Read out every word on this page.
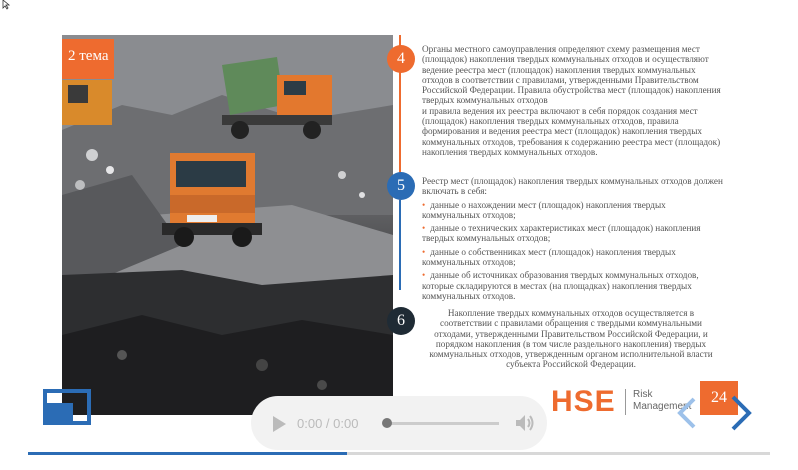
2 тема	4
Органы местного самоуправления определяют схему размещения мест (площадок) накопления твердых коммунальных отходов и осуществляют ведение реестра мест (площадок) накопления твердых коммунальных отходов в соответствии с правилами, утвержденными Правительством Российской Федерации. Правила обустройства мест (площадок) накопления твердых коммунальных отходов
и правила ведения их реестра включают в себя порядок создания мест (площадок) накопления твердых коммунальных отходов, правила формирования и ведения реестра мест (площадок) накопления твердых коммунальных отходов, требования к содержанию реестра мест (площадок) накопления твердых коммунальных отходов.
5	Реестр мест (площадок) накопления твердых коммунальных отходов должен включать в себя:
• данные о нахождении мест (площадок) накопления твердых коммунальных отходов;
• данные о технических характеристиках мест (площадок) накопления твердых коммунальных отходов;
• данные о собственниках мест (площадок) накопления твердых коммунальных отходов;
• данные об источниках образования твердых коммунальных отходов, которые складируются в местах (на площадках) накопления твердых коммунальных отходов.
6	Накопление твердых коммунальных отходов осуществляется в соответствии с правилами обращения с твердыми коммунальными отходами, утвержденными Правительством Российской Федерации, и порядком накопления (в том числе раздельного накопления) твердых коммунальных отходов, утвержденным органом исполнительной власти субъекта Российской Федерации.
HSE Risk
Management
24
0:00 / 0:00
